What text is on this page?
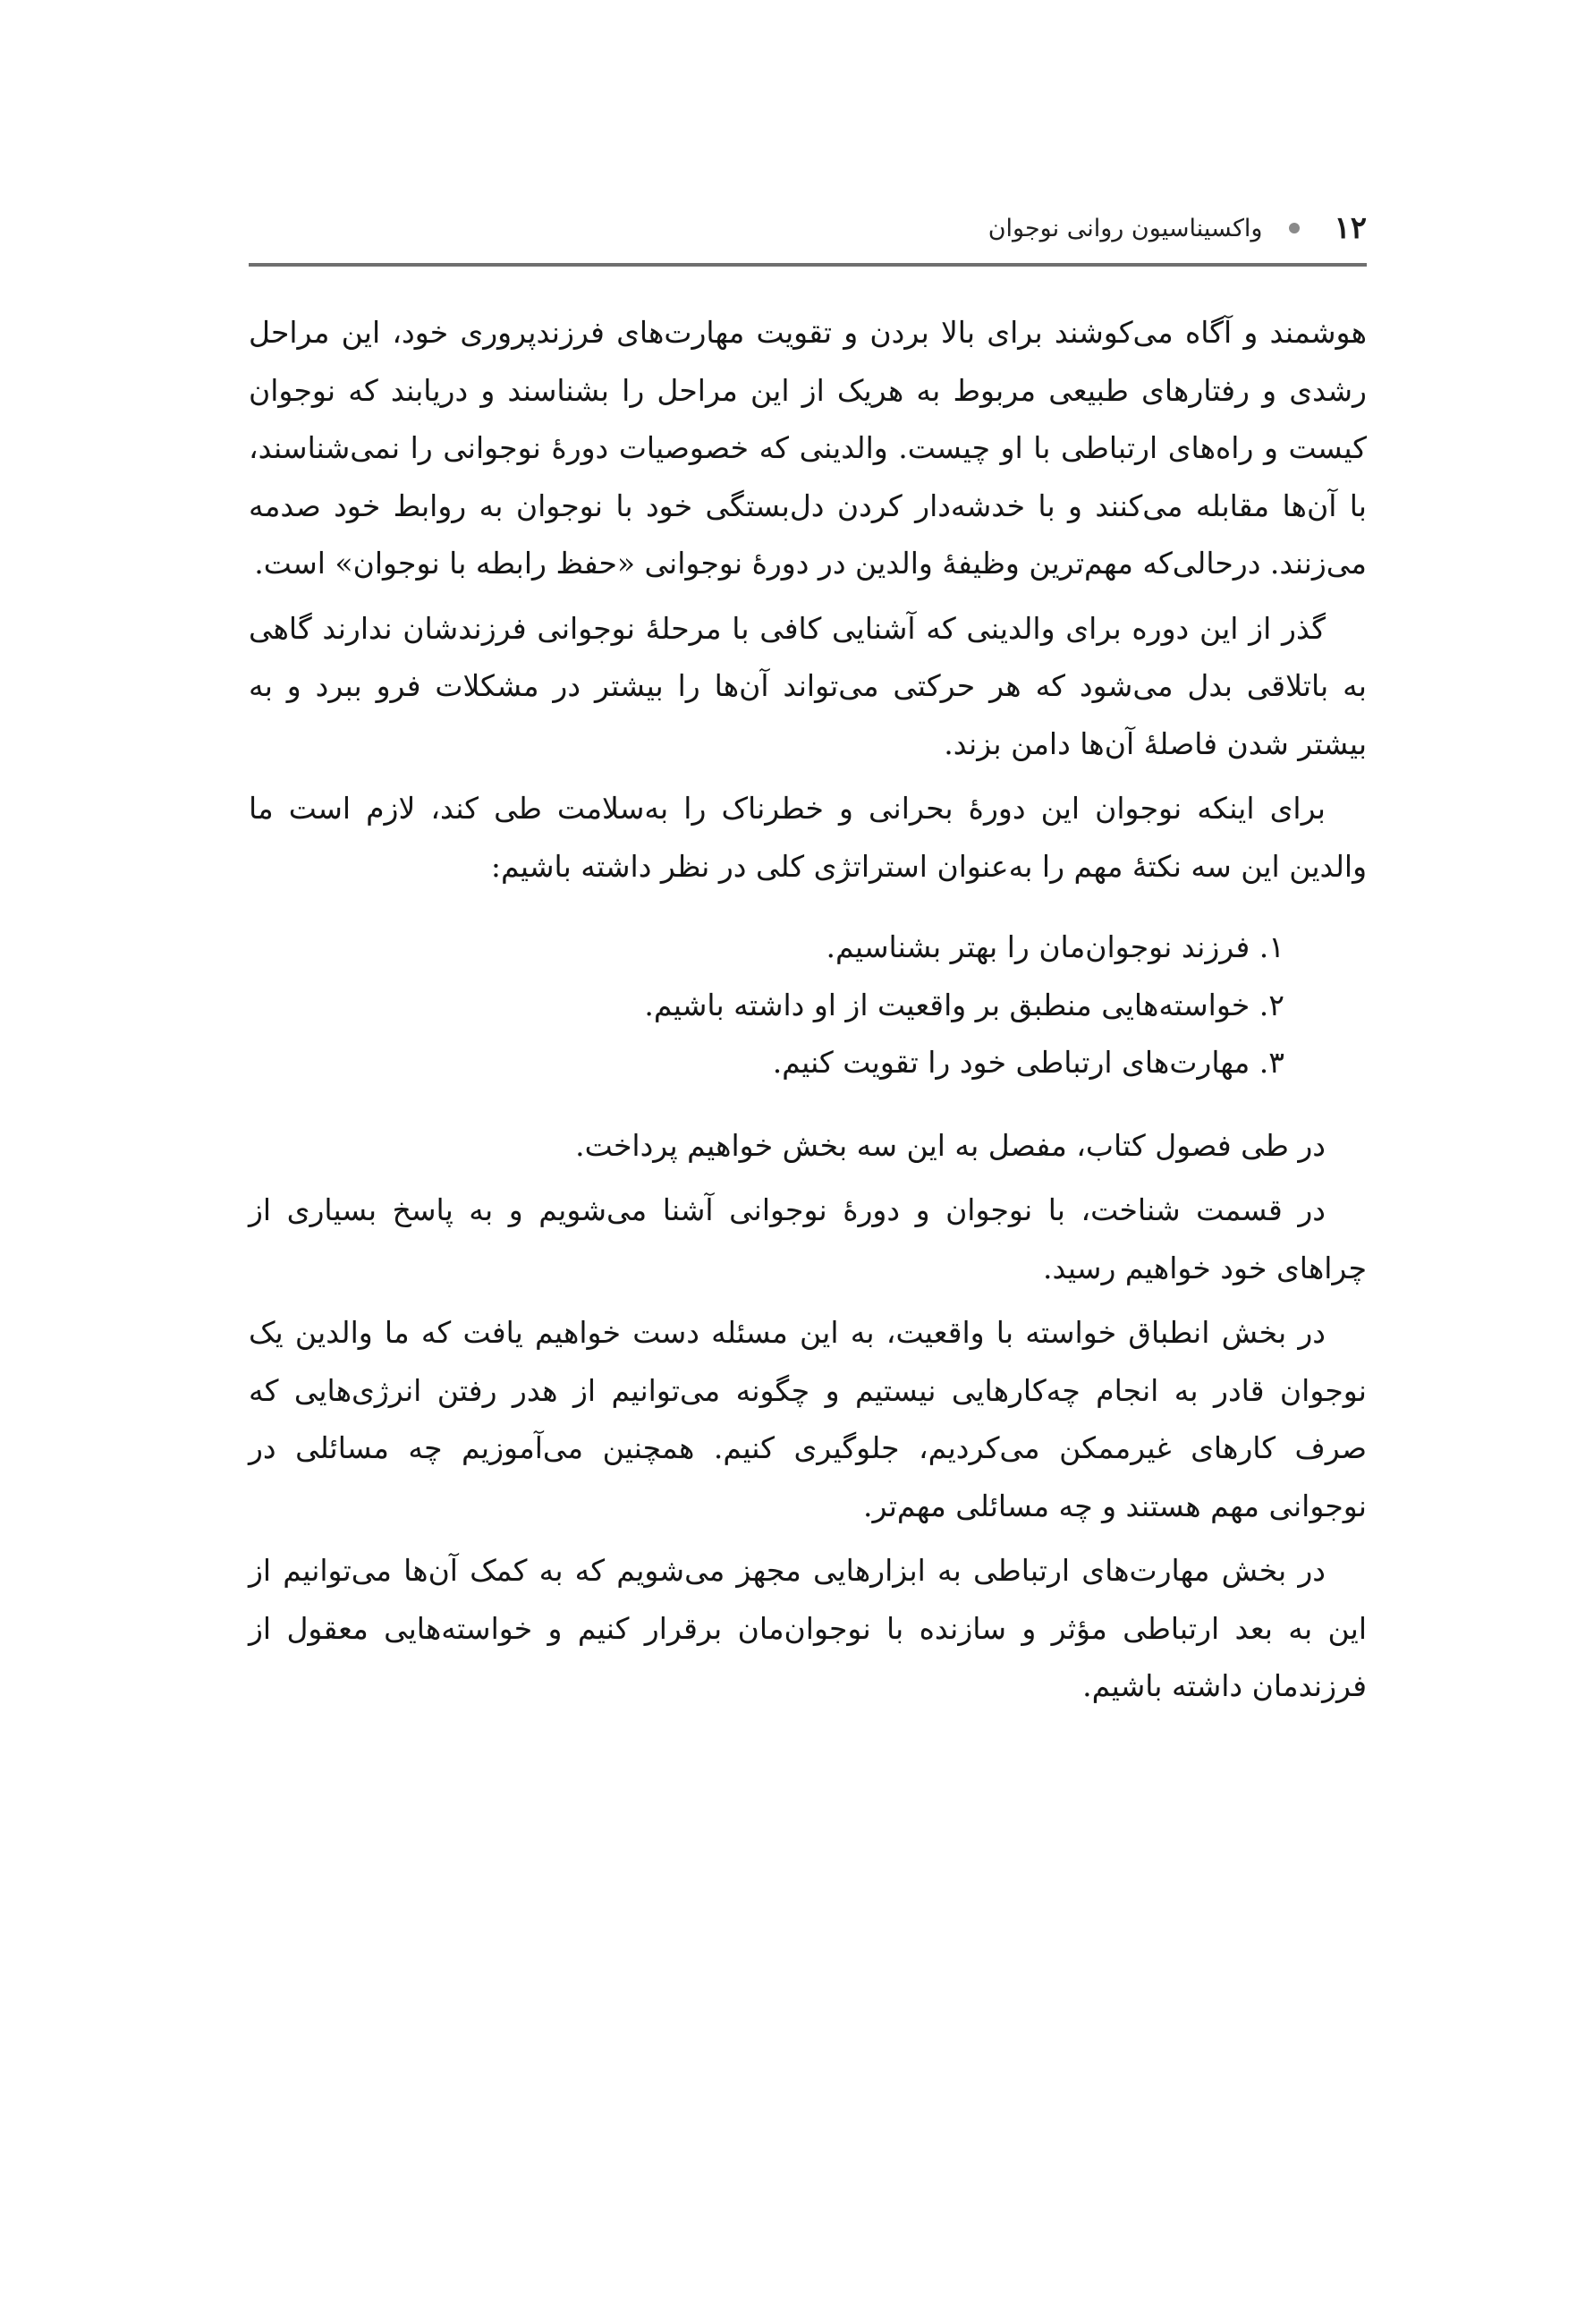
۱۲
واکسیناسیون روانی نوجوان

هوشمند و آگاه می‌کوشند برای بالا بردن و تقویت مهارت‌های فرزندپروری خود، این مراحل رشدی و رفتارهای طبیعی مربوط به هریک از این مراحل را بشناسند و دریابند که نوجوان کیست و راه‌های ارتباطی با او چیست. والدینی که خصوصیات دورهٔ نوجوانی را نمی‌شناسند، با آن‌ها مقابله می‌کنند و با خدشه‌دار کردن دل‌بستگی خود با نوجوان به روابط خود صدمه می‌زنند. درحالی‌که مهم‌ترین وظیفهٔ والدین در دورهٔ نوجوانی «حفظ رابطه با نوجوان» است.

گذر از این دوره برای والدینی که آشنایی کافی با مرحلهٔ نوجوانی فرزندشان ندارند گاهی به باتلاقی بدل می‌شود که هر حرکتی می‌تواند آن‌ها را بیشتر در مشکلات فرو ببرد و به بیشتر شدن فاصلهٔ آن‌ها دامن بزند.

برای اینکه نوجوان این دورهٔ بحرانی و خطرناک را به‌سلامت طی کند، لازم است ما والدین این سه نکتهٔ مهم را به‌عنوان استراتژی کلی در نظر داشته باشیم:

۱. فرزند نوجوان‌مان را بهتر بشناسیم.
۲. خواسته‌هایی منطبق بر واقعیت از او داشته باشیم.
۳. مهارت‌های ارتباطی خود را تقویت کنیم.

در طی فصول کتاب، مفصل به این سه بخش خواهیم پرداخت.

در قسمت شناخت، با نوجوان و دورهٔ نوجوانی آشنا می‌شویم و به پاسخ بسیاری از چراهای خود خواهیم رسید.

در بخش انطباق خواسته با واقعیت، به این مسئله دست خواهیم یافت که ما والدین یک نوجوان قادر به انجام چه‌کارهایی نیستیم و چگونه می‌توانیم از هدر رفتن انرژی‌هایی که صرف کارهای غیرممکن می‌کردیم، جلوگیری کنیم. همچنین می‌آموزیم چه مسائلی در نوجوانی مهم هستند و چه مسائلی مهم‌تر.

در بخش مهارت‌های ارتباطی به ابزارهایی مجهز می‌شویم که به کمک آن‌ها می‌توانیم از این به بعد ارتباطی مؤثر و سازنده با نوجوان‌مان برقرار کنیم و خواسته‌هایی معقول از فرزندمان داشته باشیم.
